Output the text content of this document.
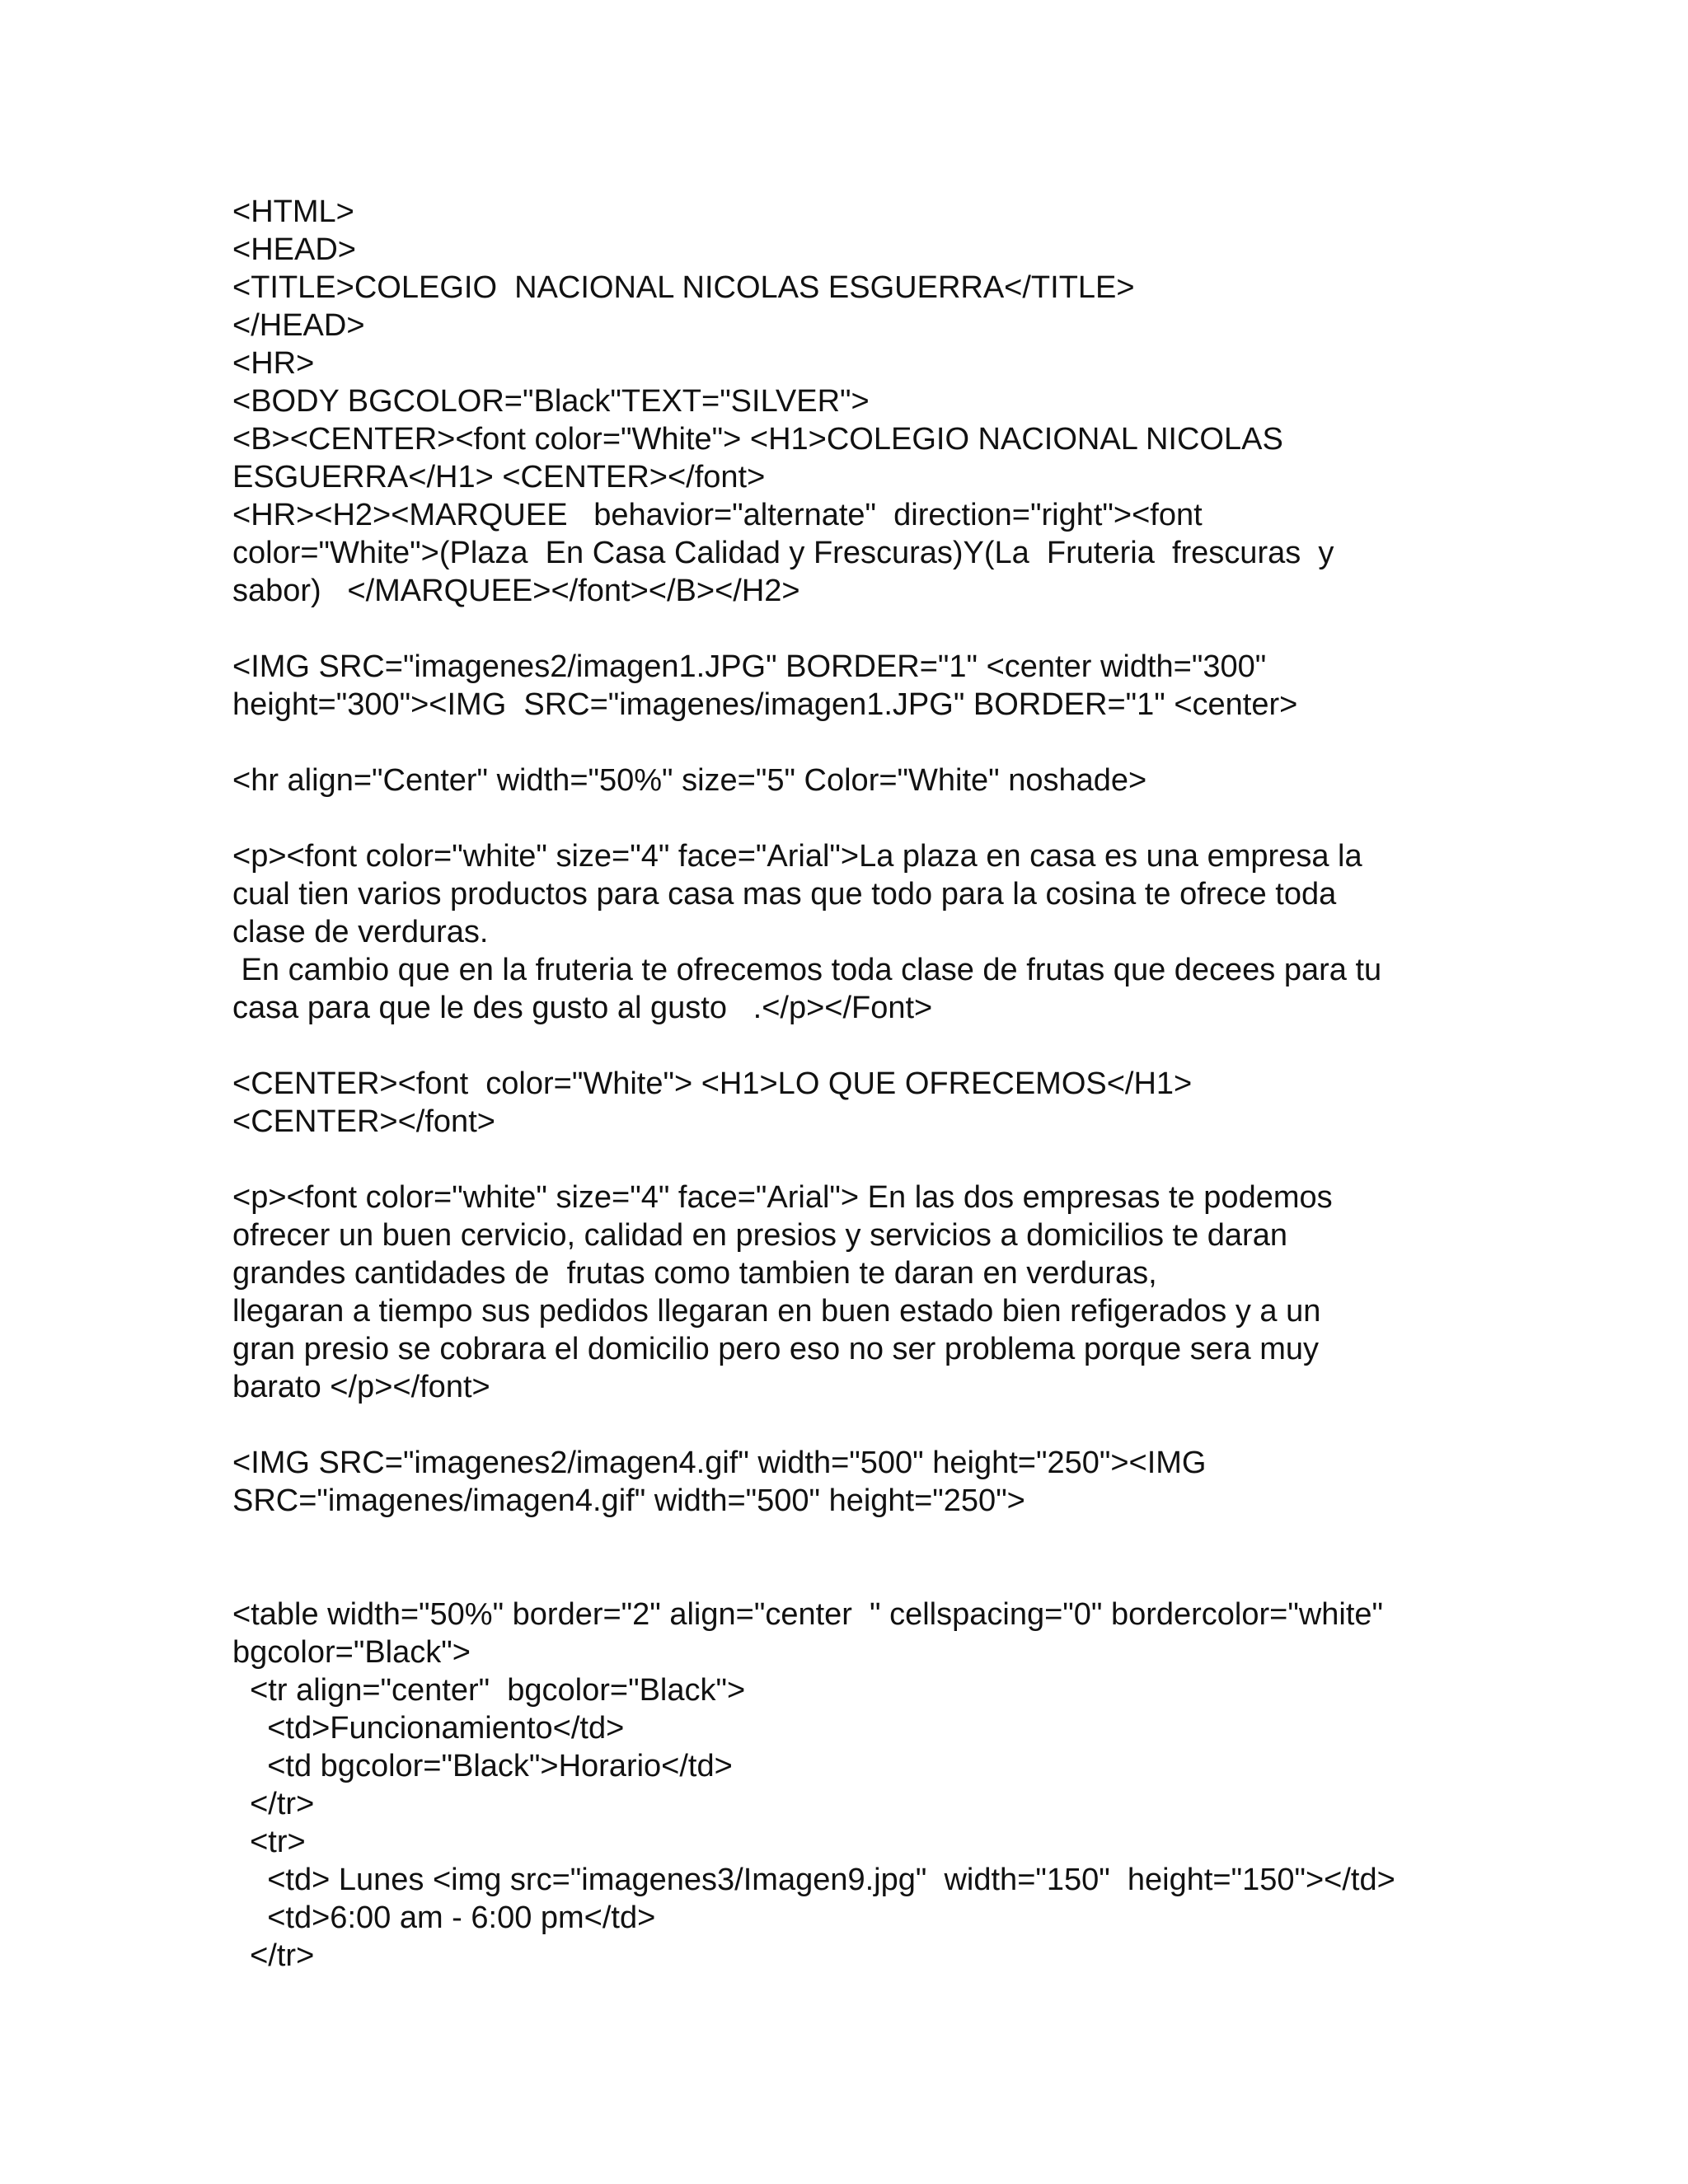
<HTML>
<HEAD>
<TITLE>COLEGIO  NACIONAL NICOLAS ESGUERRA</TITLE>
</HEAD>
<HR>
<BODY BGCOLOR="Black"TEXT="SILVER">
<B><CENTER><font color="White"> <H1>COLEGIO NACIONAL NICOLAS
ESGUERRA</H1> <CENTER></font>
<HR><H2><MARQUEE   behavior="alternate"  direction="right"><font
color="White">(Plaza  En Casa Calidad y Frescuras)Y(La  Fruteria  frescuras  y
sabor)   </MARQUEE></font></B></H2>
<IMG SRC="imagenes2/imagen1.JPG" BORDER="1" <center width="300"
height="300"><IMG  SRC="imagenes/imagen1.JPG" BORDER="1" <center>
<hr align="Center" width="50%" size="5" Color="White" noshade>
<p><font color="white" size="4" face="Arial">La plaza en casa es una empresa la
cual tien varios productos para casa mas que todo para la cosina te ofrece toda
clase de verduras.
En cambio que en la fruteria te ofrecemos toda clase de frutas que decees para tu
casa para que le des gusto al gusto   .</p></Font>
<CENTER><font  color="White"> <H1>LO QUE OFRECEMOS</H1>
<CENTER></font>
<p><font color="white" size="4" face="Arial"> En las dos empresas te podemos
ofrecer un buen cervicio, calidad en presios y servicios a domicilios te daran
grandes cantidades de  frutas como tambien te daran en verduras,
llegaran a tiempo sus pedidos llegaran en buen estado bien refigerados y a un
gran presio se cobrara el domicilio pero eso no ser problema porque sera muy
barato </p></font>
<IMG SRC="imagenes2/imagen4.gif" width="500" height="250"><IMG
SRC="imagenes/imagen4.gif" width="500" height="250">
<table width="50%" border="2" align="center  " cellspacing="0" bordercolor="white"
bgcolor="Black">
<tr align="center"  bgcolor="Black">
<td>Funcionamiento</td>
<td bgcolor="Black">Horario</td>
</tr>
<tr>
<td> Lunes <img src="imagenes3/Imagen9.jpg"  width="150"  height="150"></td>
<td>6:00 am - 6:00 pm</td>
</tr>
